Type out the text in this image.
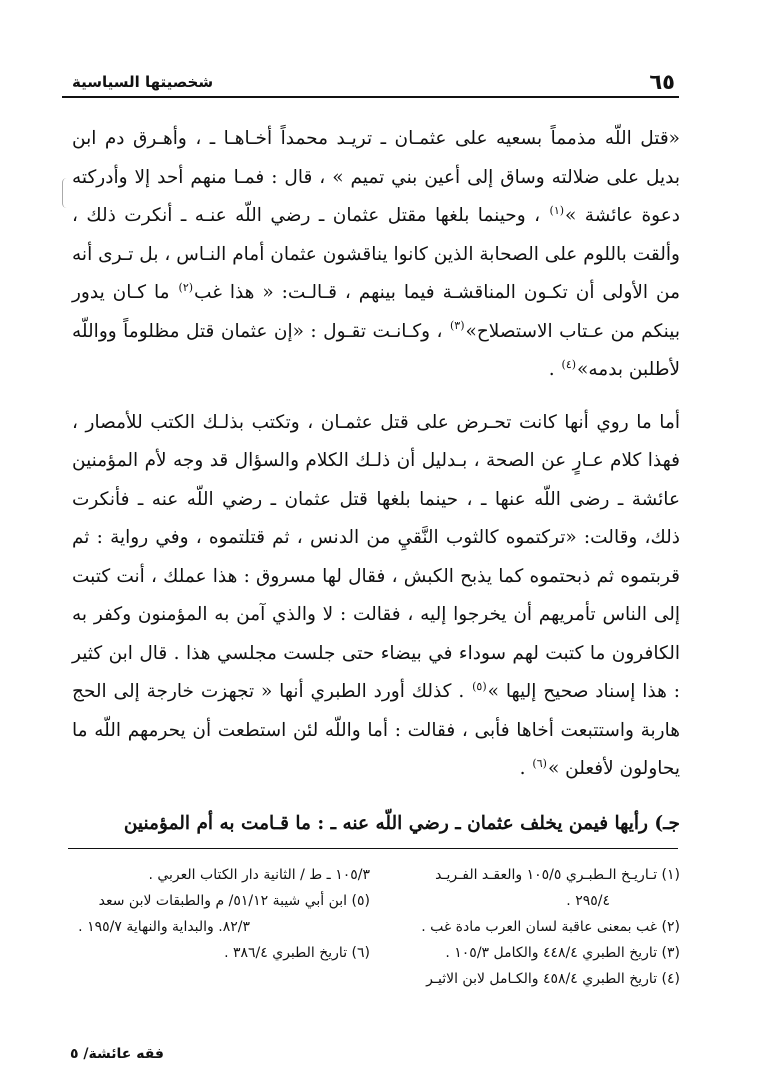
٦٥
شخصيتها السياسية

«قتل اللّه مذمماً بسعيه على عثمـان ـ تريـد محمداً أخـاهـا ـ ، وأهـرق دم ابن بديل على ضلالته وساق إلى أعين بني تميم » ، قال : فمـا منهم أحد إلا وأدركته دعوة عائشة »$^{(١)}$ ، وحينما بلغها مقتل عثمان ـ رضي اللّه عنـه ـ أنكرت ذلك ، وألقت باللوم على الصحابة الذين كانوا يناقشون عثمان أمام النـاس ، بل تـرى أنه من الأولى أن تكـون المناقشـة فيما بينهم ، قـالـت: « هذا غب$^{(٢)}$ ما كـان يدور بينكم من عـتاب الاستصلاح»$^{(٣)}$ ، وكـانـت تقـول : «إن عثمان قتل مظلوماً وواللّه لأطلبن بدمه»$^{(٤)}$ .

أما ما روي أنها كانت تحـرض على قتل عثمـان ، وتكتب بذلـك الكتب للأمصار ، فهذا كلام عـارٍ عن الصحة ، بـدليل أن ذلـك الكلام والسؤال قد وجه لأم المؤمنين عائشة ـ رضى اللّه عنها ـ ، حينما بلغها قتل عثمان ـ رضي اللّه عنه ـ فأنكرت ذلك، وقالت: «تركتموه كالثوب النَّقيِ من الدنس ، ثم قتلتموه ، وفي رواية : ثم قربتموه ثم ذبحتموه كما يذبح الكبش ، فقال لها مسروق : هذا عملك ، أنت كتبت إلى الناس تأمريهم أن يخرجوا إليه ، فقالت : لا والذي آمن به المؤمنون وكفر به الكافرون ما كتبت لهم سوداء في بيضاء حتى جلست مجلسي هذا . قال ابن كثير : هذا إسناد صحيح إليها »$^{(٥)}$ . كذلك أورد الطبري أنها « تجهزت خارجة إلى الحج هاربة واستتبعت أخاها فأبى ، فقالت : أما واللّه لئن استطعت أن يحرمهم اللّه ما يحاولون لأفعلن »$^{(٦)}$ .

جـ) رأيها فيمن يخلف عثمان ـ رضي اللّه عنه ـ : ما قـامت به أم المؤمنين

(١) تـاريـخ الـطبـري ١٠٥/٥ والعقـد الفـريـد

٢٩٥/٤ .

(٢) غب بمعنى عاقبة لسان العرب مادة غب .

(٣) تاريخ الطبري ٤٤٨/٤ والكامل ١٠٥/٣ .

(٤) تاريخ الطبري ٤٥٨/٤ والكـامل لابن الاثيـر

١٠٥/٣ ـ ط / الثانية دار الكتاب العربي .

(٥) ابن أبي شيبة ٥١/١٢/ م والطبقات لابن سعد

٨٢/٣. والبداية والنهاية ١٩٥/٧ .

(٦) تاريخ الطبري ٣٨٦/٤ .

فقه عائشة/ ٥
